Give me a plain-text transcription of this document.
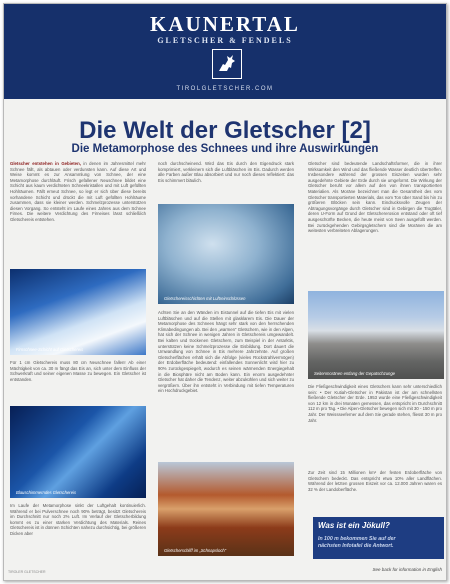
KAUNERTAL
GLETSCHER & FENDELS
TIROLGLETSCHER.COM
Die Welt der Gletscher [2]
Die Metamorphose des Schnees und ihre Auswirkungen
Gletscher entstehen in Gebieten, in denen im Jahresmittel mehr Schnee fällt, als abtauen oder verdunsten kann. Auf diese Art und Weise kommt es zur Ansammlung von Schnee, der eine Metamorphose durchläuft. Frisch gefallener Neuschnee bildet eine Schicht aus kaum verdichteten Schneekristallen und mit Luft gefüllten Hohlräumen. Fällt erneut Schnee, so legt er sich über diese bereits vorhandene Schicht und drückt die mit Luft gefüllten Hohlräume zusammen, dass sie kleiner werden. Schmelzprozesse unterstützen diesen Vorgang. So entsteht im Laufe eines Jahres aus dem Schnee Firnes. Die weitere Verdichtung des Firneises lässt schließlich Gletschereis entstehen.
Firnschnee-Schicht auf Gletschereis
Für 1 cm Gletschereis muss 80 cm Neuschnee fallen! Ab einer Mächtigkeit von ca. 30 m fängt das Eis an, sich unter dem Einfluss der Schwerkraft und seiner eigenen Masse zu bewegen. Ein Gletscher ist entstanden.
Blauschimmerndes Gletschereis
Im Laufe der Metamorphose sinkt der Luftgehalt kontinuierlich. Während er bei Pulverschnee noch 90% beträgt, besitzt Gletschereis im Durchschnitt nur noch 2% Luft. Im Verlauf der Gletscherbildung kommt es zu einer starken Verdichtung des Materials. Reines Gletschereis ist in dünnen Schichten nahezu durchsichtig, bei größeren Dicken aber
noch durchscheinend. Wird das Eis durch den Eigendruck stark komprimiert, verkleinern sich die Luftbläschen im Eis. Dadurch werden alle Farben außer Blau absorbiert und nur noch dieses reflektiert: das Eis schimmert bläulich.
Gletschereisschichten mit Luftreinschlüssen
Achten Sie an den Wänden im Eistunnel auf die tiefen Eis mit vielen Luftbläschen und auf die Stellen mit glasklarem Eis. Die Dauer der Metamorphose des Schnees hängt sehr stark von den herrschenden Klimabedingungen ab. Bei den „warmen“ Gletschern, wie in den Alpen, hat sich der Schnee in wenigen Jahren in Gletschereis umgewandelt. Bei kalten und trockenen Gletschern, zum Beispiel in der Antarktis, unterstützen keine Schmelzprozesse die Eisbildung. Dort dauert die Umwandlung von Schnee in Eis mehrere Jahrzehnte. Auf großen Gletscherflächen erhält sich die Abfolge (vieles Rückstrahlvermögen) der Erdoberfläche bedeutend: einfallendes Sonnenlicht wird hier zu 90% zurückgespiegelt, wodurch es seinen wärmenden Energiegehalt in die Biosphäre nicht am Boden kann. Ein enorm ausgedehnter Gletscher hat daher die Tendenz, weiter abzukühlen und sich weiter zu vergrößern. Über ihn entsteht in Verbindung mit tiefen Temperaturen ein Hochdruckgebiet.
Gletscherschliff im „Schnapsloch“
Gletscher sind bedeutende Landschaftsformer, die in ihrer Wirksamkeit den Wind und das fließende Wasser deutlich übertreffen. Insbesondere während der grossen Eiszeiten wurden sehr ausgedehnte Gebiete der Erde durch sie umgeformt. Die Wirkung der Gletscher beruht vor allem auf den von ihnen transportierten Materialien. Als Moräne bezeichnet man die Gesamtheit des vom Gletscher transportierten Materials, das vom Ton über Sand bis hin zu größeren Blöcken sein kann. Eindrucksvolle Zeugen der Abtragungsvorgänge durch Gletscher sind in Gebirgen die Trogtäler, deren U-Form auf Grund der Gletschererosion entstand oder oft tief ausgeschürfte Becken, die heute meist von Seen ausgefüllt werden. Bei zurückgehenden Gebirgsgletschern sind die Moränen die am weitesten verbreiteten Ablagerungen.
Seitenmoränen entlang der Gepatschzunge
Die Fließgeschwindigkeit eines Gletschers kann sehr unterschiedlich sein: • Der Kutiah-Gletscher in Pakistan ist der am schnellsten fließende Gletscher der Erde. 1953 wurde eine Fließgeschwindigkeit von 12 km in drei Monaten gemessen, das entspricht im Durchschnitt 112 m pro Tag. • Die Alpen-Gletscher bewegen sich mit 30 - 150 m pro Jahr. Der Weissseeferner auf dem Sie gerade stehen, fliesst 30 m pro Jahr.
Zur Zeit sind 15 Millionen km² der festen Erdoberfläche von Gletschern bedeckt. Das entspricht etwa 10% aller Landflächen. Während der letzten grossen Eiszeit vor ca. 12.000 Jahren waren es 32 % der Landoberfläche.
Was ist ein Jökull?
In 100 m bekommen Sie auf der
nächsten Infotafel die Antwort.
TIROLER GLETSCHER	See back for information in English
